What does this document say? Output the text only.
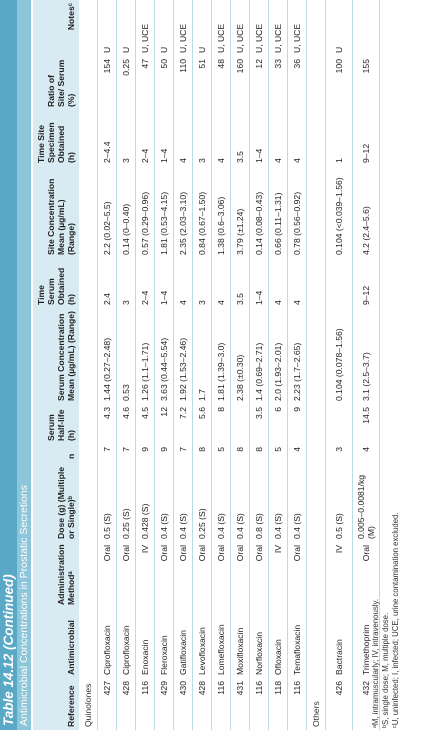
Table 14.12 (Continued) Antimicrobial Concentrations in Prostatic Secretions	Reference	Antimicrobial	Administration Methodᵃ	Dose (g) (Multiple or Single)ᵇ	n	Serum Half-life (h)	Serum Concentration Mean (µg/mL) (Range)	Time Serum Obtained (h)	Site Concentration Mean (µg/mL) (Range)	Time Site Specimen Obtained (h)	Ratio of Site/ Serum (%)	Notesᶜ
Quinolones											
427	Ciprofloxacin	Oral	0.5 (S)	7	4.3	1.44 (0.27–2.48)	2.4	2.2 (0.02–5.5)	2–4.4	154	U
428	Ciprofloxacin	Oral	0.25 (S)	7	4.6	0.53	3	0.14 (0–0.40)	3	0.25	U
116	Enoxacin	IV	0.428 (S)	9	4.5	1.26 (1.1–1.71)	2–4	0.57 (0.29–0.96)	2–4	47	U, UCE
429	Fleroxacin	Oral	0.4 (S)	9	12	3.63 (0.44–5.54)	1–4	1.81 (0.53–4.15)	1–4	50	U
430	Gatifloxacin	Oral	0.4 (S)	7	7.2	1.92 (1.53–2.46)	4	2.35 (2.03–3.10)	4	110	U, UCE
428	Levofloxacin	Oral	0.25 (S)	8	5.6	1.7	3	0.84 (0.67–1.50)	3	51	U
116	Lomefloxacin	Oral	0.4 (S)	5	8	1.81 (1.39–3.0)	4	1.38 (0.6–3.06)	4	48	U, UCE
431	Moxifloxacin	Oral	0.4 (S)	8		2.38 (±0.30)	3.5	3.79 (±1.24)	3.5	160	U, UCE
116	Norfloxacin	Oral	0.8 (S)	8	3.5	1.4 (0.69–2.71)	1–4	0.14 (0.08–0.43)	1–4	12	U, UCE
118	Ofloxacin	IV	0.4 (S)	5	6	2.0 (1.93–2.01)	4	0.66 (0.11–1.31)	4	33	U, UCE
116	Temafloxacin	Oral	0.4 (S)	4	9	2.23 (1.7–2.65)	4	0.78 (0.56–0.92)	4	36	U, UCE
Others											
426	Bactracin	IV	0.5 (S)	3		0.104 (0.078–1.56)		0.104 (<0.039–1.56)	1	100	U
432	Trimethoprim	Oral	0.005–0.0081/kg (M)	4	14.5	3.1 (2.5–3.7)	9–12	4.2 (2.4–5.6)	9–12	155	
ᵃM, intramuscularly; IV, intravenously. ᵇS, single dose; M, multiple dose. ᶜU, uninfected; I, infected; UCE, urine contamination excluded.
